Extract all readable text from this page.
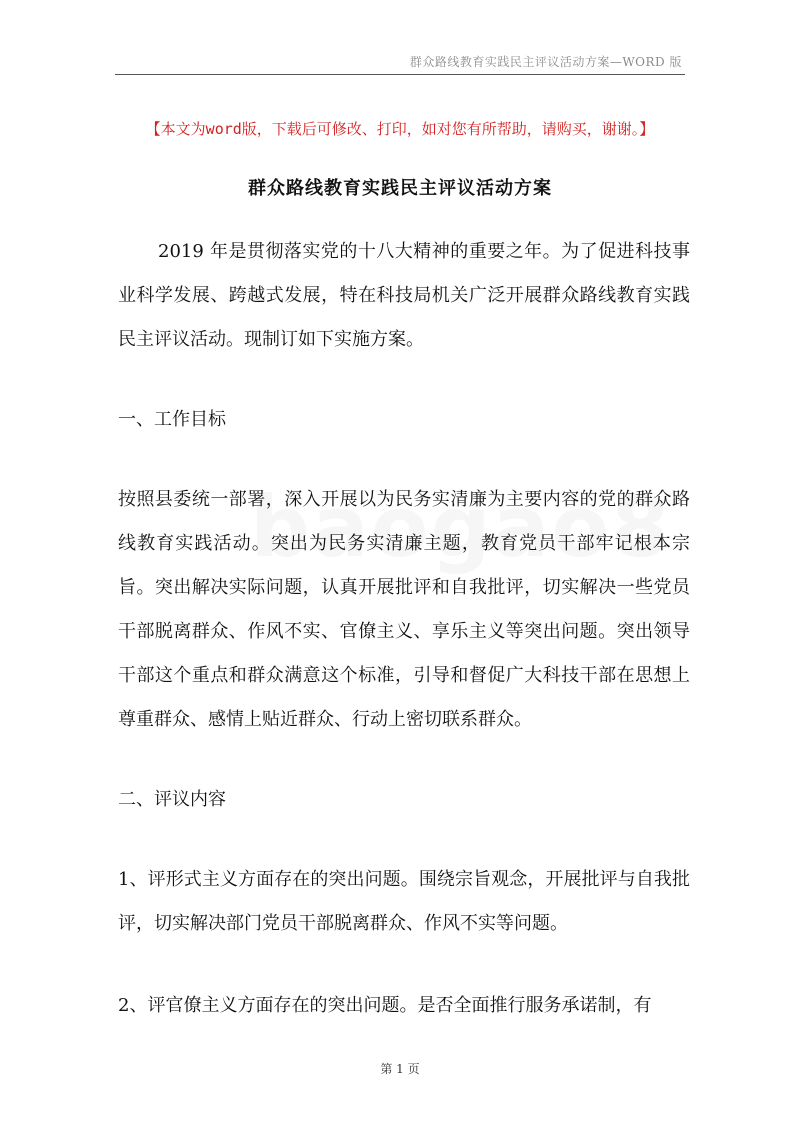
群众路线教育实践民主评议活动方案—WORD 版
【本文为word版，下载后可修改、打印，如对您有所帮助，请购买，谢谢。】
群众路线教育实践民主评议活动方案

2019 年是贯彻落实党的十八大精神的重要之年。为了促进科技事业科学发展、跨越式发展，特在科技局机关广泛开展群众路线教育实践民主评议活动。现制订如下实施方案。

一、工作目标

按照县委统一部署，深入开展以为民务实清廉为主要内容的党的群众路线教育实践活动。突出为民务实清廉主题，教育党员干部牢记根本宗旨。突出解决实际问题，认真开展批评和自我批评，切实解决一些党员干部脱离群众、作风不实、官僚主义、享乐主义等突出问题。突出领导干部这个重点和群众满意这个标准，引导和督促广大科技干部在思想上尊重群众、感情上贴近群众、行动上密切联系群众。

二、评议内容

1、评形式主义方面存在的突出问题。围绕宗旨观念，开展批评与自我批评，切实解决部门党员干部脱离群众、作风不实等问题。

2、评官僚主义方面存在的突出问题。是否全面推行服务承诺制，有

第 1 页
